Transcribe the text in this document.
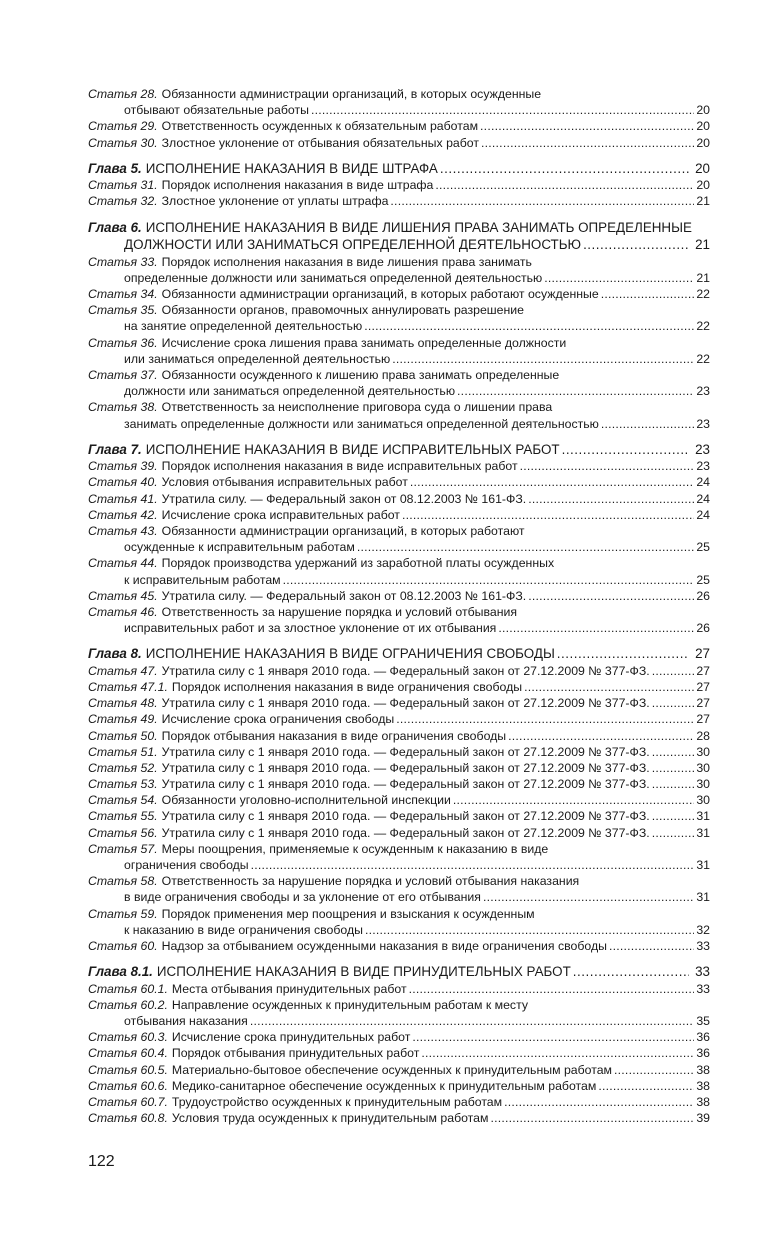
Статья 28. Обязанности администрации организаций, в которых осужденные
отбывают обязательные работы . . .	20
Статья 29. Ответственность осужденных к обязательным работам . . .	20
Статья 30. Злостное уклонение от отбывания обязательных работ . . .	20
Глава 5. ИСПОЛНЕНИЕ НАКАЗАНИЯ В ВИДЕ ШТРАФА . . .	20
Статья 31. Порядок исполнения наказания в виде штрафа . . .	20
Статья 32. Злостное уклонение от уплаты штрафа . . .	21
Глава 6. ИСПОЛНЕНИЕ НАКАЗАНИЯ В ВИДЕ ЛИШЕНИЯ ПРАВА ЗАНИМАТЬ ОПРЕДЕЛЕННЫЕ
ДОЛЖНОСТИ ИЛИ ЗАНИМАТЬСЯ ОПРЕДЕЛЕННОЙ ДЕЯТЕЛЬНОСТЬЮ . . .	21
Статья 33. Порядок исполнения наказания в виде лишения права занимать
определенные должности или заниматься определенной деятельностью . . .	21
Статья 34. Обязанности администрации организаций, в которых работают осужденные . . .	22
Статья 35. Обязанности органов, правомочных аннулировать разрешение
на занятие определенной деятельностью . . .	22
Статья 36. Исчисление срока лишения права занимать определенные должности
или заниматься определенной деятельностью . . .	22
Статья 37. Обязанности осужденного к лишению права занимать определенные
должности или заниматься определенной деятельностью . . .	23
Статья 38. Ответственность за неисполнение приговора суда о лишении права
занимать определенные должности или заниматься определенной деятельностью . . .	23
Глава 7. ИСПОЛНЕНИЕ НАКАЗАНИЯ В ВИДЕ ИСПРАВИТЕЛЬНЫХ РАБОТ . . .	23
Статья 39. Порядок исполнения наказания в виде исправительных работ . . .	23
Статья 40. Условия отбывания исправительных работ . . .	24
Статья 41. Утратила силу. — Федеральный закон от 08.12.2003 № 161-ФЗ. . . .	24
Статья 42. Исчисление срока исправительных работ . . .	24
Статья 43. Обязанности администрации организаций, в которых работают
осужденные к исправительным работам . . .	25
Статья 44. Порядок производства удержаний из заработной платы осужденных
к исправительным работам . . .	25
Статья 45. Утратила силу. — Федеральный закон от 08.12.2003 № 161-ФЗ. . . .	26
Статья 46. Ответственность за нарушение порядка и условий отбывания
исправительных работ и за злостное уклонение от их отбывания . . .	26
Глава 8. ИСПОЛНЕНИЕ НАКАЗАНИЯ В ВИДЕ ОГРАНИЧЕНИЯ СВОБОДЫ . . .	27
Статья 47. Утратила силу с 1 января 2010 года. — Федеральный закон от 27.12.2009 № 377-ФЗ. . . .	27
Статья 47.1. Порядок исполнения наказания в виде ограничения свободы . . .	27
Статья 48. Утратила силу с 1 января 2010 года. — Федеральный закон от 27.12.2009 № 377-ФЗ. . . .	27
Статья 49. Исчисление срока ограничения свободы . . .	27
Статья 50. Порядок отбывания наказания в виде ограничения свободы . . .	28
Статья 51. Утратила силу с 1 января 2010 года. — Федеральный закон от 27.12.2009 № 377-ФЗ. . . .	30
Статья 52. Утратила силу с 1 января 2010 года. — Федеральный закон от 27.12.2009 № 377-ФЗ. . . .	30
Статья 53. Утратила силу с 1 января 2010 года. — Федеральный закон от 27.12.2009 № 377-ФЗ. . . .	30
Статья 54. Обязанности уголовно-исполнительной инспекции . . .	30
Статья 55. Утратила силу с 1 января 2010 года. — Федеральный закон от 27.12.2009 № 377-ФЗ. . . .	31
Статья 56. Утратила силу с 1 января 2010 года. — Федеральный закон от 27.12.2009 № 377-ФЗ. . . .	31
Статья 57. Меры поощрения, применяемые к осужденным к наказанию в виде
ограничения свободы . . .	31
Статья 58. Ответственность за нарушение порядка и условий отбывания наказания
в виде ограничения свободы и за уклонение от его отбывания . . .	31
Статья 59. Порядок применения мер поощрения и взыскания к осужденным
к наказанию в виде ограничения свободы . . .	32
Статья 60. Надзор за отбыванием осужденными наказания в виде ограничения свободы . . .	33
Глава 8.1. ИСПОЛНЕНИЕ НАКАЗАНИЯ В ВИДЕ ПРИНУДИТЕЛЬНЫХ РАБОТ . . .	33
Статья 60.1. Места отбывания принудительных работ . . .	33
Статья 60.2. Направление осужденных к принудительным работам к месту
отбывания наказания . . .	35
Статья 60.3. Исчисление срока принудительных работ . . .	36
Статья 60.4. Порядок отбывания принудительных работ . . .	36
Статья 60.5. Материально-бытовое обеспечение осужденных к принудительным работам . . .	38
Статья 60.6. Медико-санитарное обеспечение осужденных к принудительным работам . . .	38
Статья 60.7. Трудоустройство осужденных к принудительным работам . . .	38
Статья 60.8. Условия труда осужденных к принудительным работам . . .	39
122
